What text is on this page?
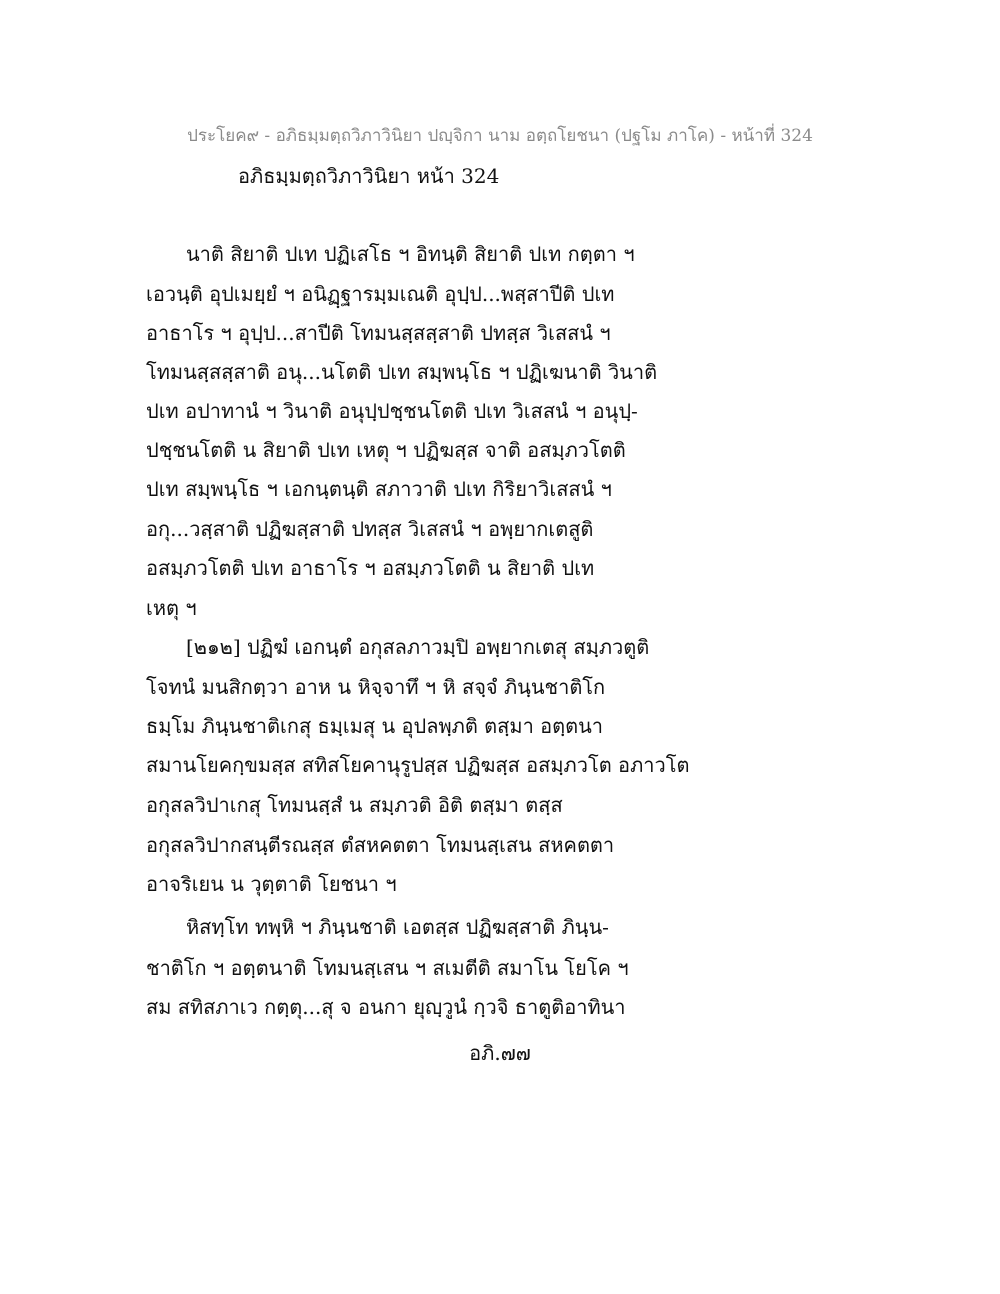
ประโยค๙ - อภิธมฺมตฺถวิภาวินิยา ปญฺจิกา นาม อตฺถโยชนา (ปฐโม ภาโค) - หน้าที่ 324
อภิธมฺมตฺถวิภาวินิยา หน้า 324
นาติ สิยาติ ปเท ปฏิเสโธ ฯ อิทนฺติ สิยาติ ปเท กตฺตา ฯ
เอวนฺติ อุปเมยฺยํ ฯ อนิฏฺฐารมฺมเณติ อุปฺป...พสฺสาปีติ ปเท
อาธาโร ฯ อุปฺป...สาปีติ โทมนสฺสสฺสาติ ปทสฺส วิเสสนํ ฯ
โทมนสฺสสฺสาติ อนุ...นโตติ ปเท สมฺพนฺโธ ฯ ปฏิเฆนาติ วินาติ
ปเท อปาทานํ ฯ วินาติ อนุปฺปชฺชนโตติ ปเท วิเสสนํ ฯ อนุปฺ-
ปชฺชนโตติ น สิยาติ ปเท เหตุ ฯ ปฏิฆสฺส จาติ อสมฺภวโตติ
ปเท สมฺพนฺโธ ฯ เอกนฺตนฺติ สภาวาติ ปเท กิริยาวิเสสนํ ฯ
อกุ...วสฺสาติ ปฏิฆสฺสาติ ปทสฺส วิเสสนํ ฯ อพฺยากเตสูติ
อสมฺภวโตติ ปเท อาธาโร ฯ อสมฺภวโตติ น สิยาติ ปเท
เหตุ ฯ
[๒๑๒] ปฏิฆํ เอกนฺตํ อกุสลภาวมฺปิ อพฺยากเตสุ สมฺภวตูติ
โจทนํ มนสิกตฺวา อาห น หิจฺจาทึ ฯ หิ สจฺจํ ภินฺนชาติโก
ธมฺโม ภินฺนชาติเกสุ ธมฺเมสุ น อุปลพฺภติ ตสฺมา อตฺตนา
สมานโยคกฺขมสฺส สทิสโยคานุรูปสฺส ปฏิฆสฺส อสมฺภวโต อภาวโต
อกุสลวิปาเกสุ โทมนสฺสํ น สมฺภวติ อิติ ตสฺมา ตสฺส
อกุสลวิปากสนฺตีรณสฺส ตํสหคตตา โทมนสฺเสน สหคตตา
อาจริเยน น วุตฺตาติ โยชนา ฯ
หิสทฺโท ทพฺหิ ฯ ภินฺนชาติ เอตสฺส ปฏิฆสฺสาติ ภินฺน-
ชาติโก ฯ อตฺตนาติ โทมนสฺเสน ฯ สเมตีติ สมาโน โยโค ฯ
สม สทิสภาเว กตฺตุ...สุ จ อนกา ยุญฺวูนํ กฺวจิ ธาตูติอาทินา
อภิ.๗๗
